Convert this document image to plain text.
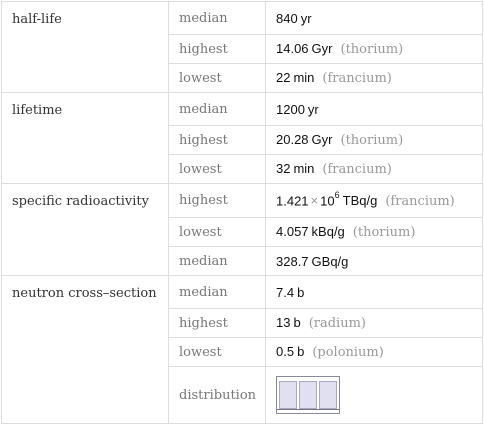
half-life	median	840 yr
	highest	14.06 Gyr (thorium)
	lowest	22 min (francium)
lifetime	median	1200 yr
	highest	20.28 Gyr (thorium)
	lowest	32 min (francium)
specific radioactivity	highest	$1.421 \times 10^6$ TBq/g (francium)
	lowest	4.057 kBq/g (thorium)
	median	328.7 GBq/g
neutron cross–section	median	7.4 b
	highest	13 b (radium)
	lowest	0.5 b (polonium)
	distribution	
